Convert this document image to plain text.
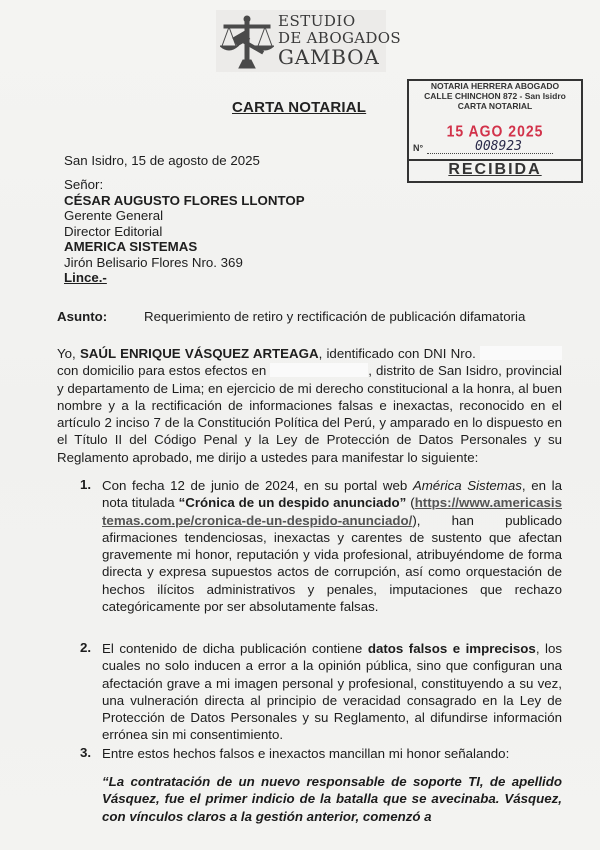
ESTUDIO
DE ABOGADOS
GAMBOA
CARTA NOTARIAL
NOTARIA HERRERA ABOGADO
CALLE CHINCHON 872 - San Isidro
CARTA NOTARIAL
15 AGO 2025
N°	008923
RECIBIDA
San Isidro, 15 de agosto de 2025
Señor:
CÉSAR AUGUSTO FLORES LLONTOP
Gerente General
Director Editorial
AMERICA SISTEMAS
Jirón Belisario Flores Nro. 369
Lince.-
Asunto:	Requerimiento de retiro y rectificación de publicación difamatoria
Yo, SAÚL ENRIQUE VÁSQUEZ ARTEAGA, identificado con DNI Nro.  con domicilio para estos efectos en	, distrito de San Isidro, provincial y departamento de Lima; en ejercicio de mi derecho constitucional a la honra, al buen nombre y a la rectificación de informaciones falsas e inexactas, reconocido en el artículo 2 inciso 7 de la Constitución Política del Perú, y amparado en lo dispuesto en el Título II del Código Penal y la Ley de Protección de Datos Personales y su Reglamento aprobado, me dirijo a ustedes para manifestar lo siguiente:
1. Con fecha 12 de junio de 2024, en su portal web América Sistemas, en la nota titulada “Crónica de un despido anunciado” (https://www.americasistemas.com.pe/cronica-de-un-despido-anunciado/), han publicado afirmaciones tendenciosas, inexactas y carentes de sustento que afectan gravemente mi honor, reputación y vida profesional, atribuyéndome de forma directa y expresa supuestos actos de corrupción, así como orquestación de hechos ilícitos administrativos y penales, imputaciones que rechazo categóricamente por ser absolutamente falsas.
2. El contenido de dicha publicación contiene datos falsos e imprecisos, los cuales no solo inducen a error a la opinión pública, sino que configuran una afectación grave a mi imagen personal y profesional, constituyendo a su vez, una vulneración directa al principio de veracidad consagrado en la Ley de Protección de Datos Personales y su Reglamento, al difundirse información errónea sin mi consentimiento.
3. Entre estos hechos falsos e inexactos mancillan mi honor señalando:
“La contratación de un nuevo responsable de soporte TI, de apellido Vásquez, fue el primer indicio de la batalla que se avecinaba. Vásquez, con vínculos claros a la gestión anterior, comenzó a
